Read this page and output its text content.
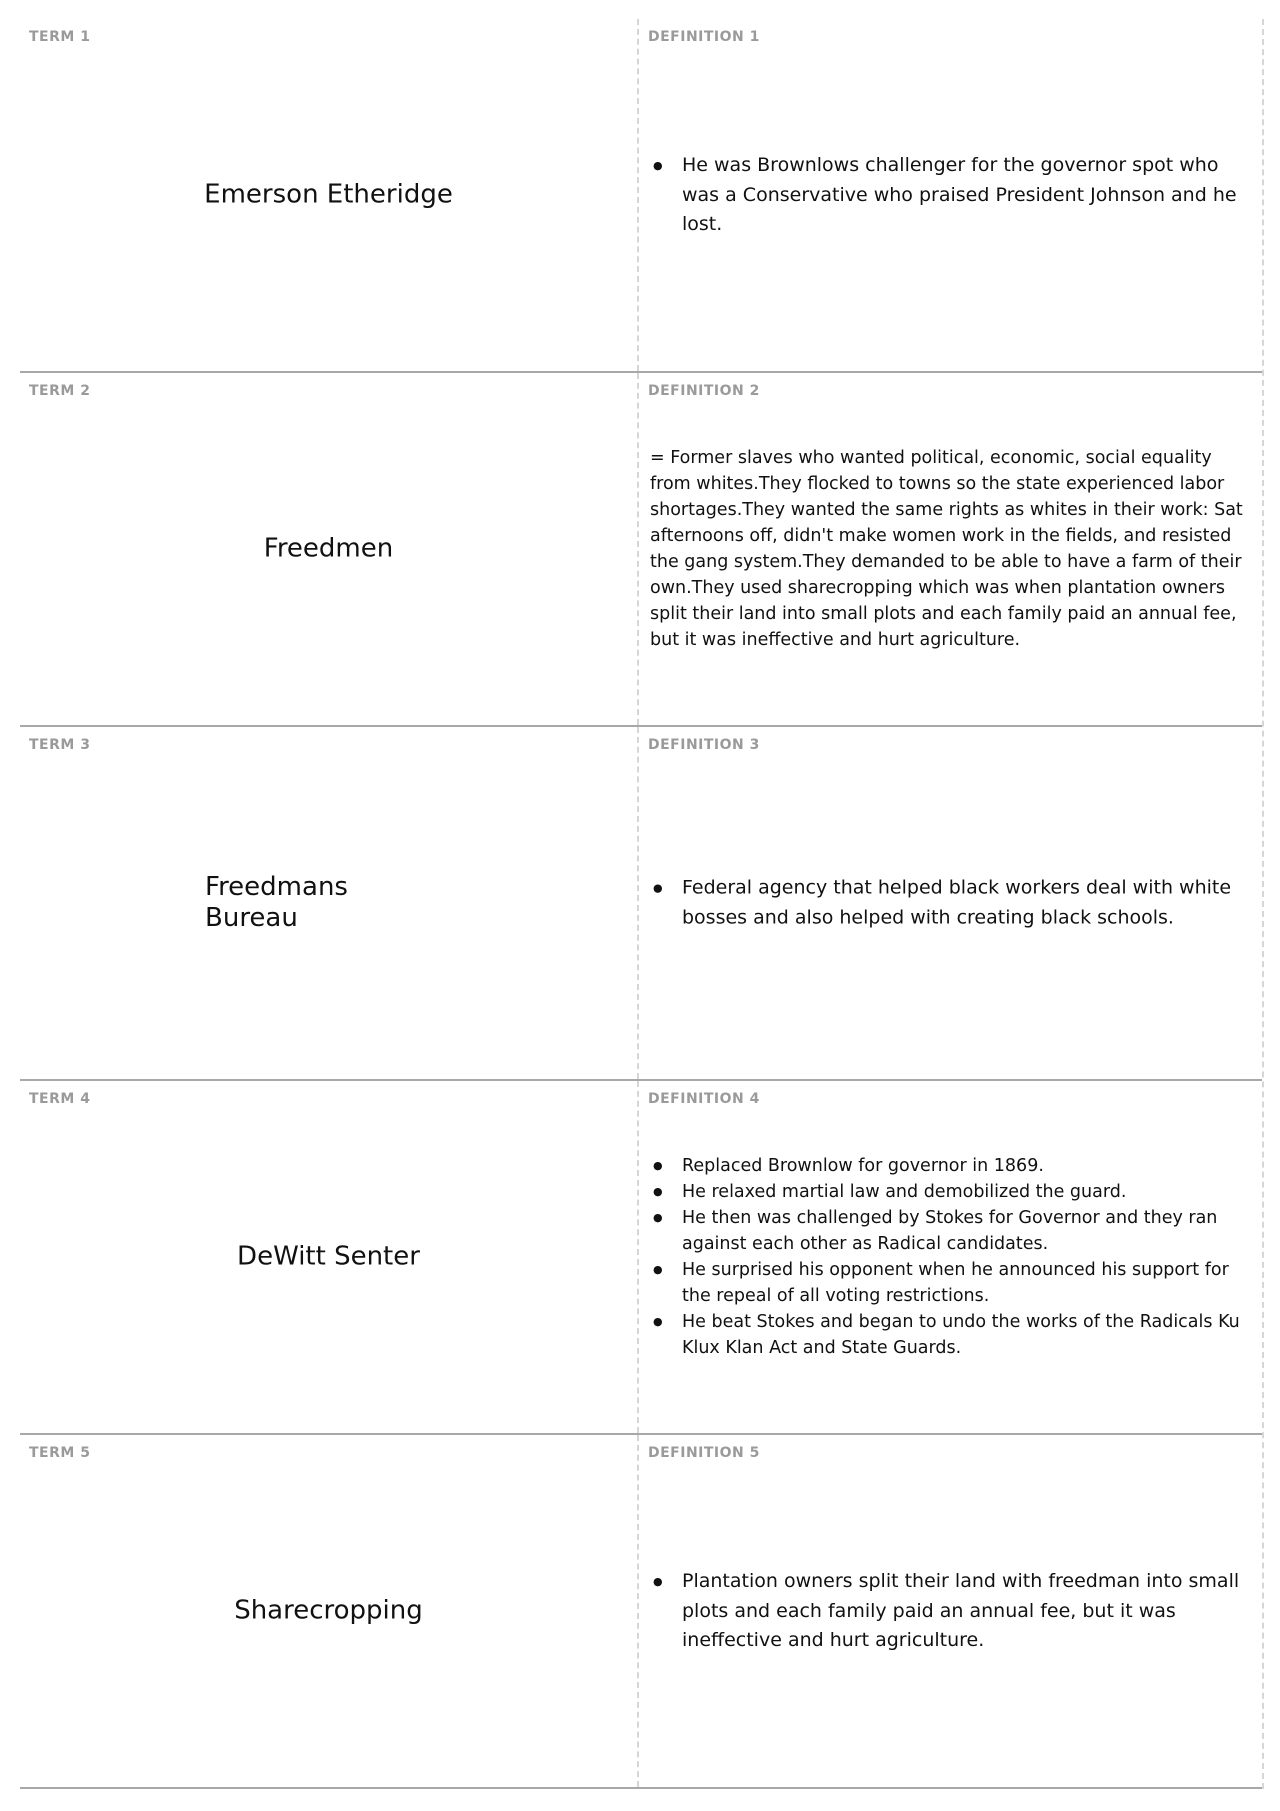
TERM 1
Emerson Etheridge
DEFINITION 1
● He was Brownlows challenger for the governor spot who was a Conservative who praised President Johnson and he lost.
TERM 2
Freedmen
DEFINITION 2

= Former slaves who wanted political, economic, social equality from whites.They flocked to towns so the state experienced labor shortages.They wanted the same rights as whites in their work: Sat afternoons off, didn't make women work in the fields, and resisted the gang system.They demanded to be able to have a farm of their own.They used sharecropping which was when plantation owners split their land into small plots and each family paid an annual fee, but it was ineffective and hurt agriculture.

TERM 3
Freedmans
Bureau
DEFINITION 3
● Federal agency that helped black workers deal with white bosses and also helped with creating black schools.
TERM 4
DeWitt Senter
DEFINITION 4
● Replaced Brownlow for governor in 1869.
● He relaxed martial law and demobilized the guard.
● He then was challenged by Stokes for Governor and they ran against each other as Radical candidates.
● He surprised his opponent when he announced his support for the repeal of all voting restrictions.
● He beat Stokes and began to undo the works of the Radicals Ku Klux Klan Act and State Guards.
TERM 5
Sharecropping
DEFINITION 5
● Plantation owners split their land with freedman into small plots and each family paid an annual fee, but it was ineffective and hurt agriculture.
